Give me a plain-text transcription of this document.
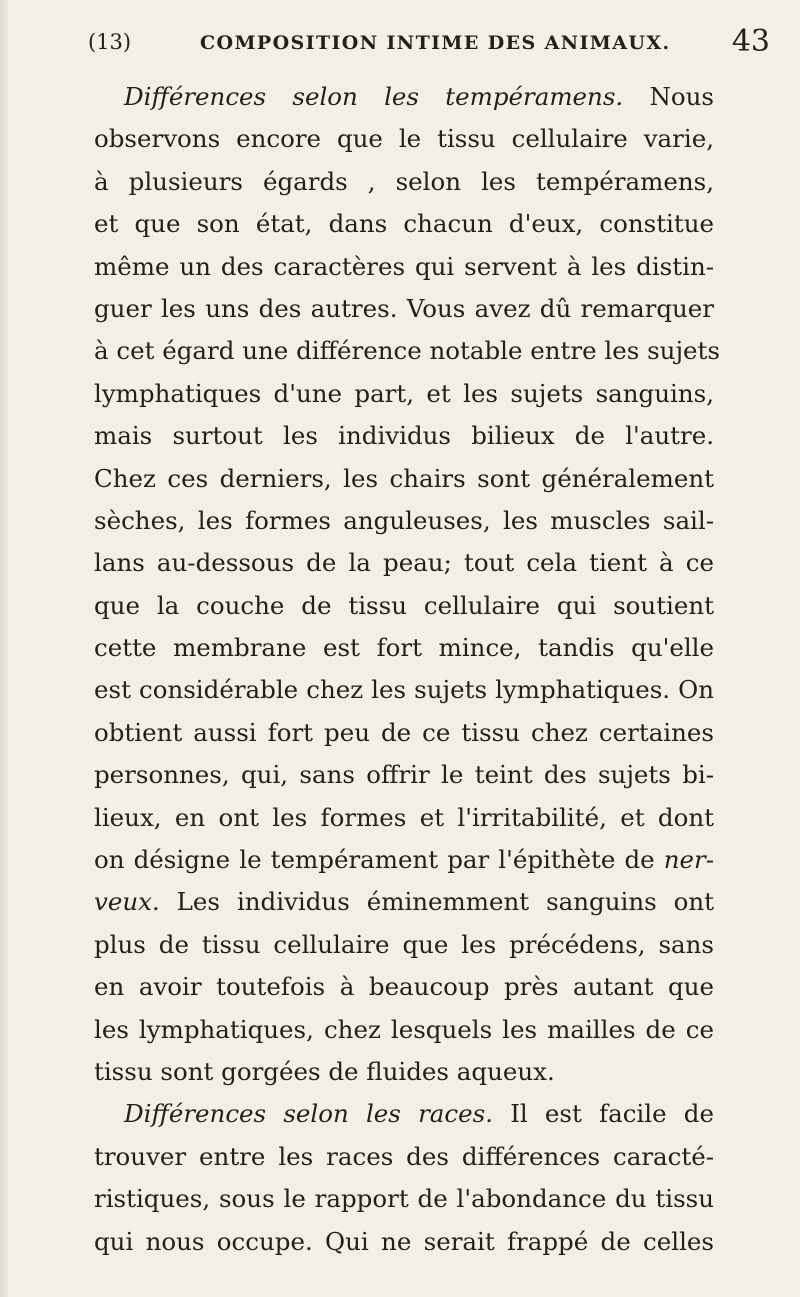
(13)	COMPOSITION INTIME DES ANIMAUX. 43
Différences selon les tempéramens. Nous
observons encore que le tissu cellulaire varie,
à plusieurs égards , selon les tempéramens,
et que son état, dans chacun d'eux, constitue
même un des caractères qui servent à les distin-
guer les uns des autres. Vous avez dû remarquer
à cet égard une différence notable entre les sujets
lymphatiques d'une part, et les sujets sanguins,
mais surtout les individus bilieux de l'autre.
Chez ces derniers, les chairs sont généralement
sèches, les formes anguleuses, les muscles sail-
lans au-dessous de la peau; tout cela tient à ce
que la couche de tissu cellulaire qui soutient
cette membrane est fort mince, tandis qu'elle
est considérable chez les sujets lymphatiques. On
obtient aussi fort peu de ce tissu chez certaines
personnes, qui, sans offrir le teint des sujets bi-
lieux, en ont les formes et l'irritabilité, et dont
on désigne le tempérament par l'épithète de ner-
veux. Les individus éminemment sanguins ont
plus de tissu cellulaire que les précédens, sans
en avoir toutefois à beaucoup près autant que
les lymphatiques, chez lesquels les mailles de ce
tissu sont gorgées de fluides aqueux.
Différences selon les races. Il est facile de
trouver entre les races des différences caracté-
ristiques, sous le rapport de l'abondance du tissu
qui nous occupe. Qui ne serait frappé de celles
